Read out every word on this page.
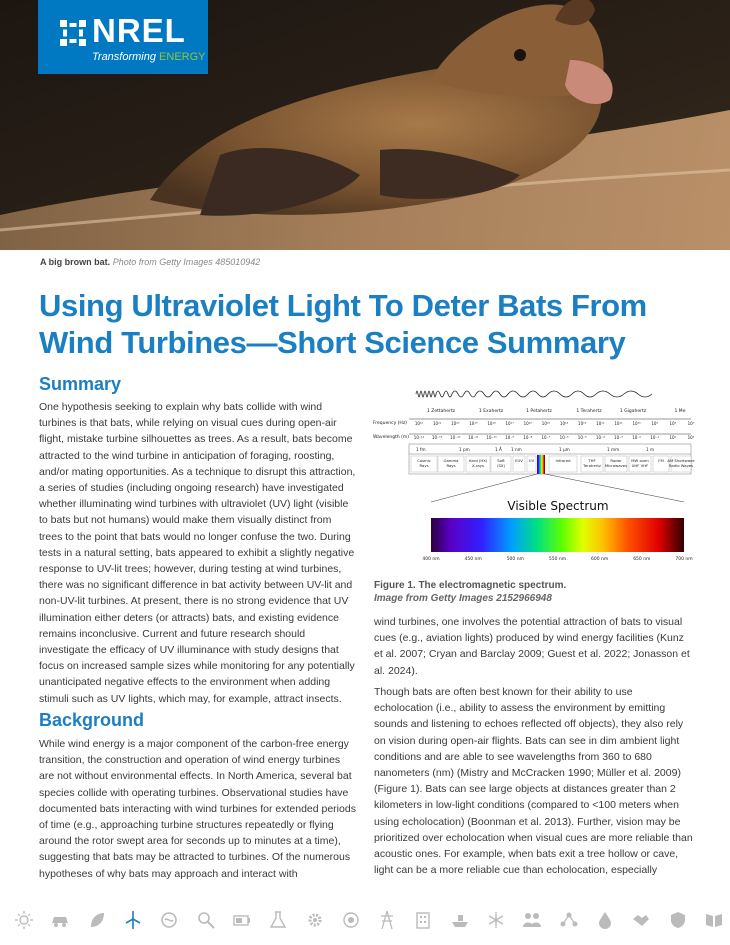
NREL
Transforming ENERGY
A big brown bat. Photo from Getty Images 485010942
Using Ultraviolet Light To Deter Bats From Wind Turbines—Short Science Summary
Summary

One hypothesis seeking to explain why bats collide with wind turbines is that bats, while relying on visual cues during open-air flight, mistake turbine silhouettes as trees. As a result, bats become attracted to the wind turbine in anticipation of foraging, roosting, and/or mating opportunities. As a technique to disrupt this attraction, a series of studies (including ongoing research) have investigated whether illuminating wind turbines with ultraviolet (UV) light (visible to bats but not humans) would make them visually distinct from trees to the point that bats would no longer confuse the two. During tests in a natural setting, bats appeared to exhibit a slightly negative response to UV-lit trees; however, during testing at wind turbines, there was no significant difference in bat activity between UV-lit and non-UV-lit turbines. At present, there is no strong evidence that UV illumination either deters (or attracts) bats, and existing evidence remains inconclusive. Current and future research should investigate the efficacy of UV illuminance with study designs that focus on increased sample sizes while monitoring for any potentially unanticipated negative effects to the environment when adding stimuli such as UV lights, which may, for example, attract insects.

Background

While wind energy is a major component of the carbon-free energy transition, the construction and operation of wind energy turbines are not without environmental effects. In North America, several bat species collide with operating turbines. Observational studies have documented bats interacting with wind turbines for extended periods of time (e.g., approaching turbine structures repeatedly or flying around the rotor swept area for seconds up to minutes at a time), suggesting that bats may be attracted to turbines. Of the numerous hypotheses of why bats may approach and interact with

1 Zettahertz	1 Exahertz	1 Petahertz	1 Terahertz	1 Gigahertz	1 Me
Frequency (Hz)
Wavelength (m)
10²² 10²¹ 10²⁰ 10¹⁹ 10¹⁸ 10¹⁷ 10¹⁶ 10¹⁵ 10¹⁴ 10¹³ 10¹² 10¹¹ 10¹⁰	10⁹	10⁸	10⁷
10⁻¹⁴ 10⁻¹³ 10⁻¹² 10⁻¹¹ 10⁻¹⁰ 10⁻⁹ 10⁻⁸ 10⁻⁷ 10⁻⁶ 10⁻⁵ 10⁻⁴ 10⁻³ 10⁻² 10⁻¹	10⁰	10¹
1 fm	1 pm	1 Å 1 nm	1 μm	1 mm	1 m
Cosmic Rays
Gamma Rays
Hard (HX) X-rays
Soft (SX)
EUV UV	Infrared	THF Terahertz
Radar Microwaves
MW oven UHF VHF
FM AM Shortwave Radio Waves
Visible Spectrum
400 nm	450 nm	500 nm	550 nm	600 nm	650 nm	700 nm
Figure 1. The electromagnetic spectrum.
Image from Getty Images 2152966948

wind turbines, one involves the potential attraction of bats to visual cues (e.g., aviation lights) produced by wind energy facilities (Kunz et al. 2007; Cryan and Barclay 2009; Guest et al. 2022; Jonasson et al. 2024).

Though bats are often best known for their ability to use echolocation (i.e., ability to assess the environment by emitting sounds and listening to echoes reflected off objects), they also rely on vision during open-air flights. Bats can see in dim ambient light conditions and are able to see wavelengths from 360 to 680 nanometers (nm) (Mistry and McCracken 1990; Müller et al. 2009) (Figure 1). Bats can see large objects at distances greater than 2 kilometers in low-light conditions (compared to <100 meters when using echolocation) (Boonman et al. 2013). Further, vision may be prioritized over echolocation when visual cues are more reliable than acoustic ones. For example, when bats exit a tree hollow or cave, light can be a more reliable cue than echolocation, especially
